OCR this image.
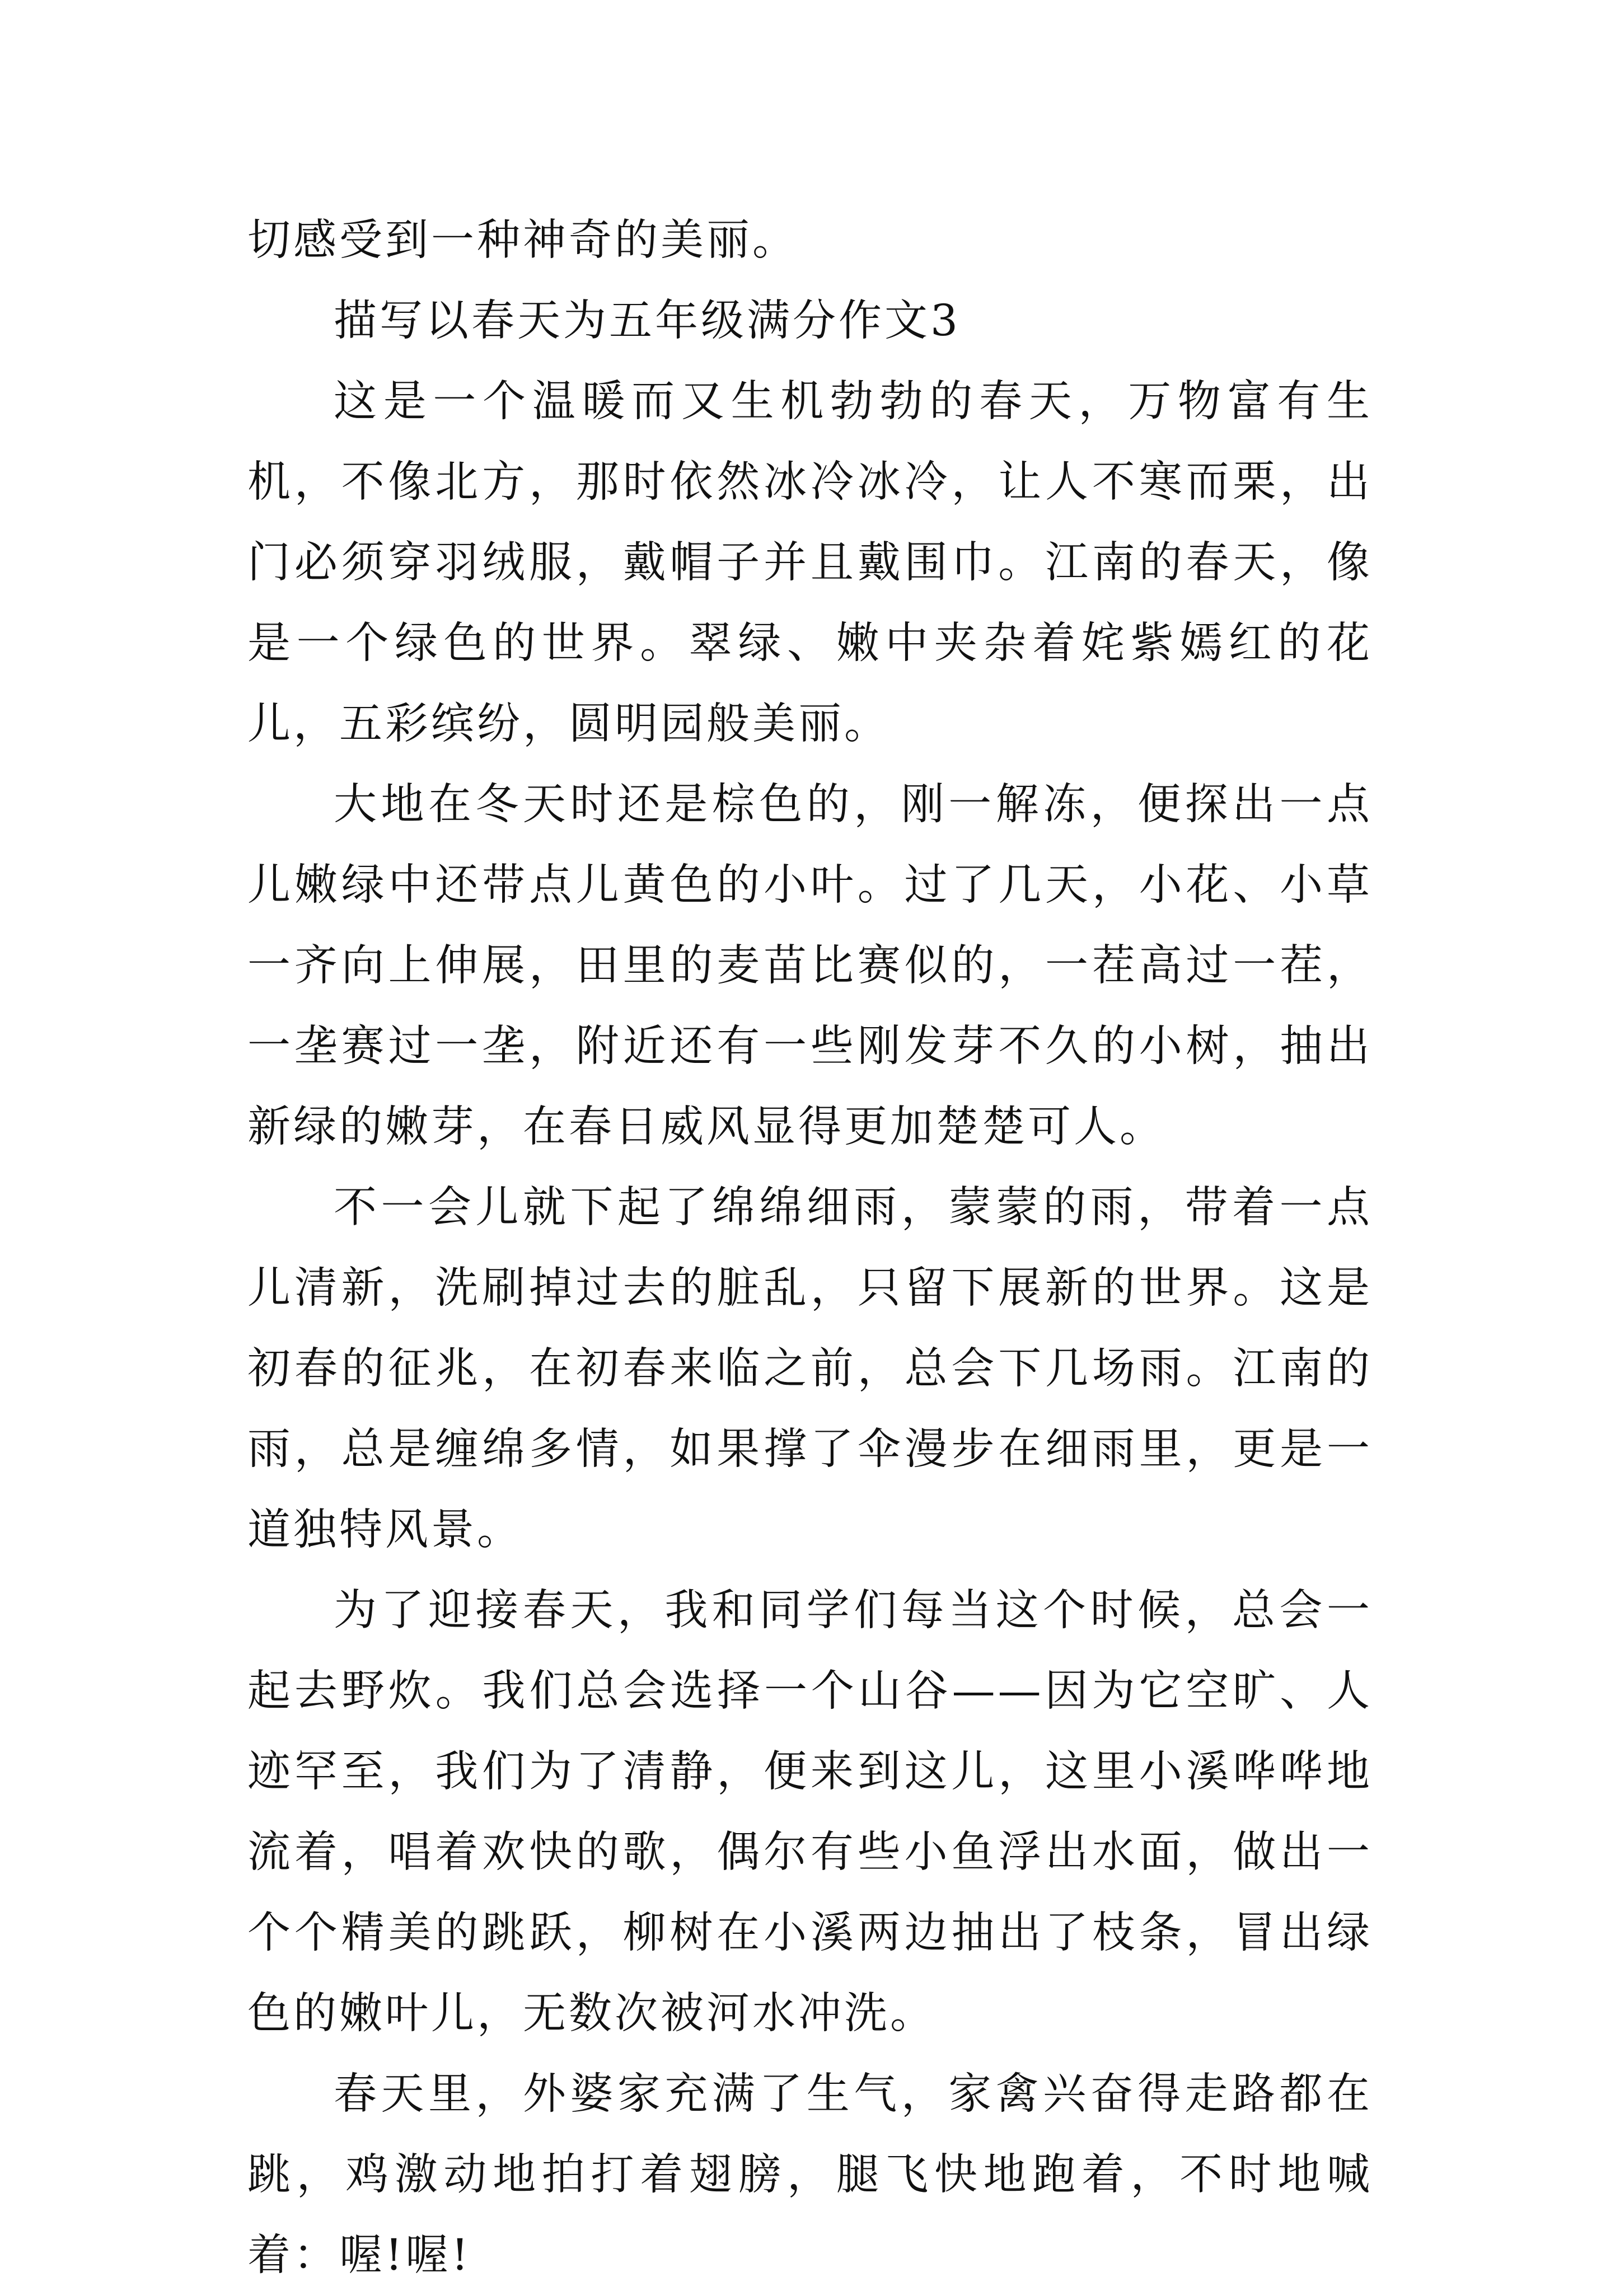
切感受到一种神奇的美丽。

描写以春天为五年级满分作文3

这是一个温暖而又生机勃勃的春天，万物富有生机，不像北方，那时依然冰冷冰冷，让人不寒而栗，出门必须穿羽绒服，戴帽子并且戴围巾。江南的春天，像是一个绿色的世界。翠绿、嫩中夹杂着姹紫嫣红的花儿，五彩缤纷，圆明园般美丽。

大地在冬天时还是棕色的，刚一解冻，便探出一点儿嫩绿中还带点儿黄色的小叶。过了几天，小花、小草一齐向上伸展，田里的麦苗比赛似的，一茬高过一茬，一垄赛过一垄，附近还有一些刚发芽不久的小树，抽出新绿的嫩芽，在春日威风显得更加楚楚可人。

不一会儿就下起了绵绵细雨，蒙蒙的雨，带着一点儿清新，洗刷掉过去的脏乱，只留下展新的世界。这是初春的征兆，在初春来临之前，总会下几场雨。江南的雨，总是缠绵多情，如果撑了伞漫步在细雨里，更是一道独特风景。

为了迎接春天，我和同学们每当这个时候，总会一起去野炊。我们总会选择一个山谷——因为它空旷、人迹罕至，我们为了清静，便来到这儿，这里小溪哗哗地流着，唱着欢快的歌，偶尔有些小鱼浮出水面，做出一个个精美的跳跃，柳树在小溪两边抽出了枝条，冒出绿色的嫩叶儿，无数次被河水冲洗。

春天里，外婆家充满了生气，家禽兴奋得走路都在跳，鸡激动地拍打着翅膀，腿飞快地跑着，不时地喊着：喔!喔!
